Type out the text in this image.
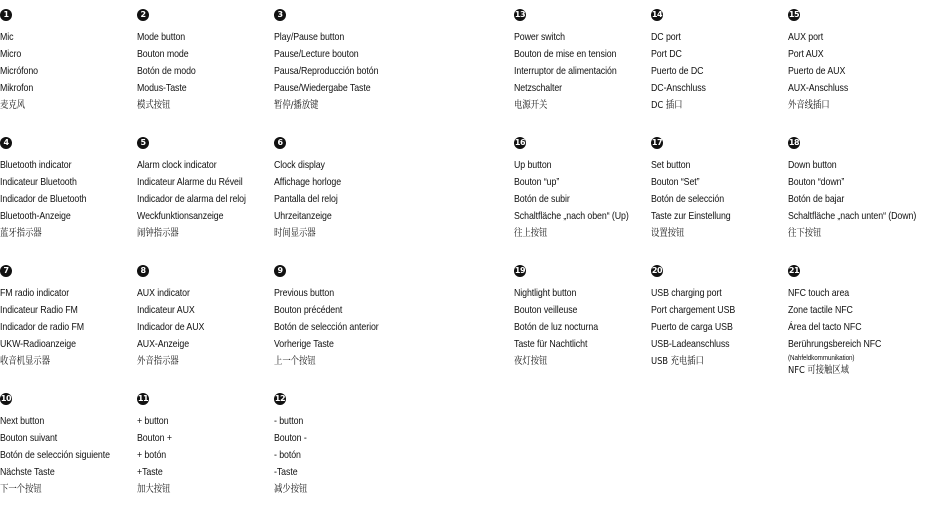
1
Mic
Micro
Micrófono
Mikrofon
麦克风
2
Mode button
Bouton mode
Botón de modo
Modus-Taste
模式按钮
3
Play/Pause button
Pause/Lecture bouton
Pausa/Reproducción botón
Pause/Wiedergabe Taste
暂停/播放键
13
Power switch
Bouton de mise en tension
Interruptor de alimentación
Netzschalter
电源开关
14
DC port
Port DC
Puerto de DC
DC-Anschluss
DC 插口
15
AUX port
Port AUX
Puerto de AUX
AUX-Anschluss
外音线插口
4
Bluetooth indicator
Indicateur Bluetooth
Indicador de Bluetooth
Bluetooth-Anzeige
蓝牙指示器
5
Alarm clock indicator
Indicateur Alarme du Réveil
Indicador de alarma del reloj
Weckfunktionsanzeige
闹钟指示器
6
Clock display
Affichage horloge
Pantalla del reloj
Uhrzeitanzeige
时间显示器
16
Up button
Bouton “up”
Botón de subir
Schaltfläche „nach oben“ (Up)
往上按钮
17
Set button
Bouton “Set”
Botón de selección
Taste zur Einstellung
设置按钮
18
Down button
Bouton “down”
Botón de bajar
Schaltfläche „nach unten“ (Down)
往下按钮
7
FM radio indicator
Indicateur Radio FM
Indicador de radio FM
UKW-Radioanzeige
收音机显示器
8
AUX indicator
Indicateur AUX
Indicador de AUX
AUX-Anzeige
外音指示器
9
Previous button
Bouton précédent
Botón de selección anterior
Vorherige Taste
上一个按钮
19
Nightlight button
Bouton veilleuse
Botón de luz nocturna
Taste für Nachtlicht
夜灯按钮
20
USB charging port
Port chargement USB
Puerto de carga USB
USB-Ladeanschluss
USB 充电插口
21
NFC touch area
Zone tactile NFC
Área del tacto NFC
Berührungsbereich NFC
(Nahfeldkommunikation)
NFC 可接触区域
10
Next button
Bouton suivant
Botón de selección siguiente
Nächste Taste
下一个按钮
11
+ button
Bouton +
+ botón
+Taste
加大按钮
12
- button
Bouton -
- botón
-Taste
减少按钮
